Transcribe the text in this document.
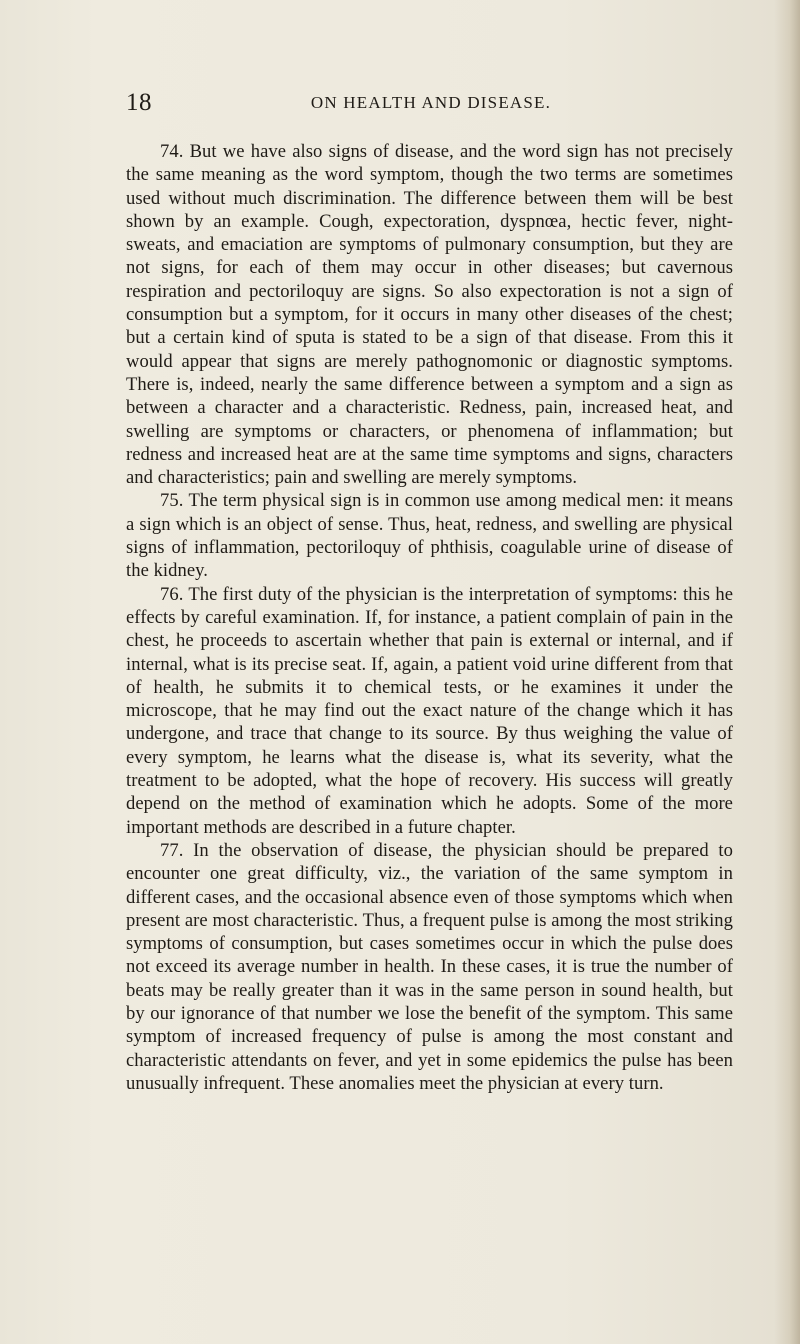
18	ON HEALTH AND DISEASE.

74. But we have also signs of disease, and the word sign has not precisely the same meaning as the word symptom, though the two terms are sometimes used without much discrimination. The difference between them will be best shown by an example. Cough, expectoration, dyspnœa, hectic fever, night-sweats, and emaciation are symptoms of pulmonary consumption, but they are not signs, for each of them may occur in other diseases; but cavernous respiration and pectoriloquy are signs. So also expectoration is not a sign of consumption but a symptom, for it occurs in many other diseases of the chest; but a certain kind of sputa is stated to be a sign of that disease. From this it would appear that signs are merely pathognomonic or diagnostic symptoms. There is, indeed, nearly the same difference between a symptom and a sign as between a character and a characteristic. Redness, pain, increased heat, and swelling are symptoms or characters, or phenomena of inflammation; but redness and increased heat are at the same time symptoms and signs, characters and characteristics; pain and swelling are merely symptoms.

75. The term physical sign is in common use among medical men: it means a sign which is an object of sense. Thus, heat, redness, and swelling are physical signs of inflammation, pectoriloquy of phthisis, coagulable urine of disease of the kidney.

76. The first duty of the physician is the interpretation of symptoms: this he effects by careful examination. If, for instance, a patient complain of pain in the chest, he proceeds to ascertain whether that pain is external or internal, and if internal, what is its precise seat. If, again, a patient void urine different from that of health, he submits it to chemical tests, or he examines it under the microscope, that he may find out the exact nature of the change which it has undergone, and trace that change to its source. By thus weighing the value of every symptom, he learns what the disease is, what its severity, what the treatment to be adopted, what the hope of recovery. His success will greatly depend on the method of examination which he adopts. Some of the more important methods are described in a future chapter.

77. In the observation of disease, the physician should be prepared to encounter one great difficulty, viz., the variation of the same symptom in different cases, and the occasional absence even of those symptoms which when present are most characteristic. Thus, a frequent pulse is among the most striking symptoms of consumption, but cases sometimes occur in which the pulse does not exceed its average number in health. In these cases, it is true the number of beats may be really greater than it was in the same person in sound health, but by our ignorance of that number we lose the benefit of the symptom. This same symptom of increased frequency of pulse is among the most constant and characteristic attendants on fever, and yet in some epidemics the pulse has been unusually infrequent. These anomalies meet the physician at every turn.
